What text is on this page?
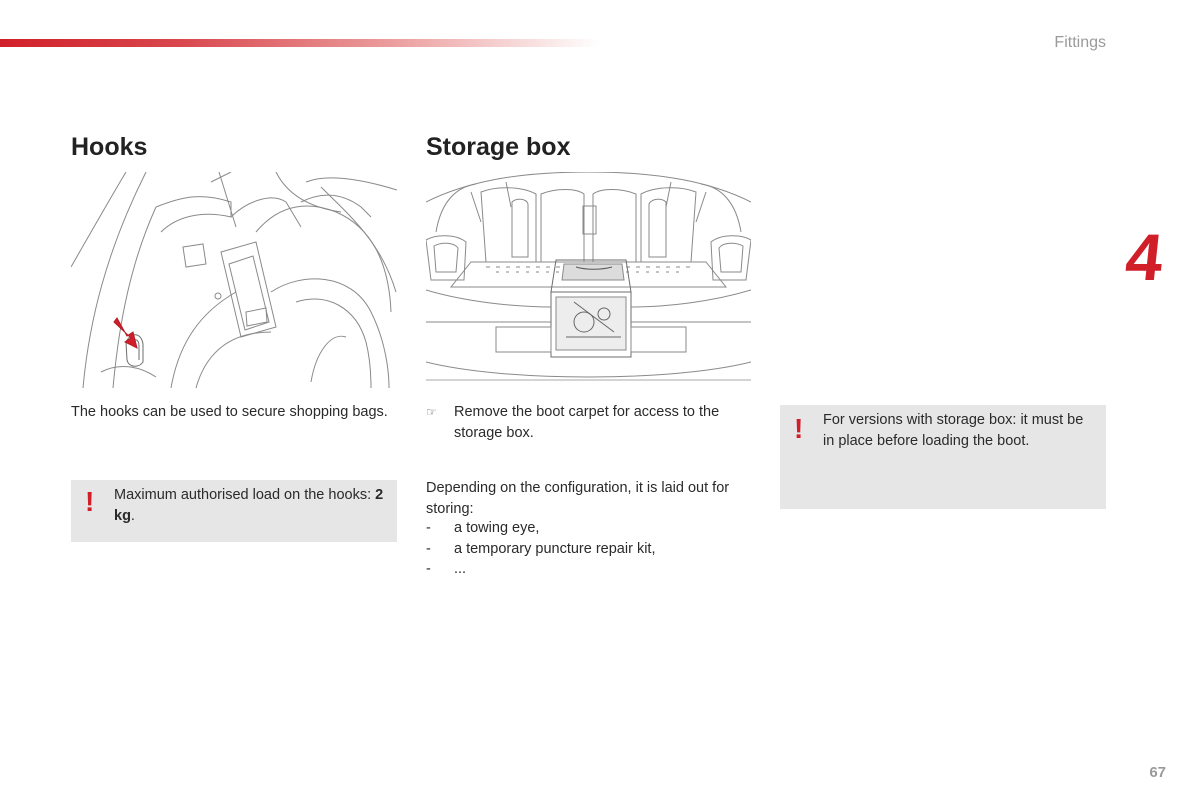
Fittings
4
Hooks

The hooks can be used to secure shopping bags.

! Maximum authorised load on the hooks: 2 kg.
Storage box
☞ Remove the boot carpet for access to the storage box.

Depending on the configuration, it is laid out for storing:

- a towing eye,
- a temporary puncture repair kit,
- ...
! For versions with storage box: it must be in place before loading the boot.
67
